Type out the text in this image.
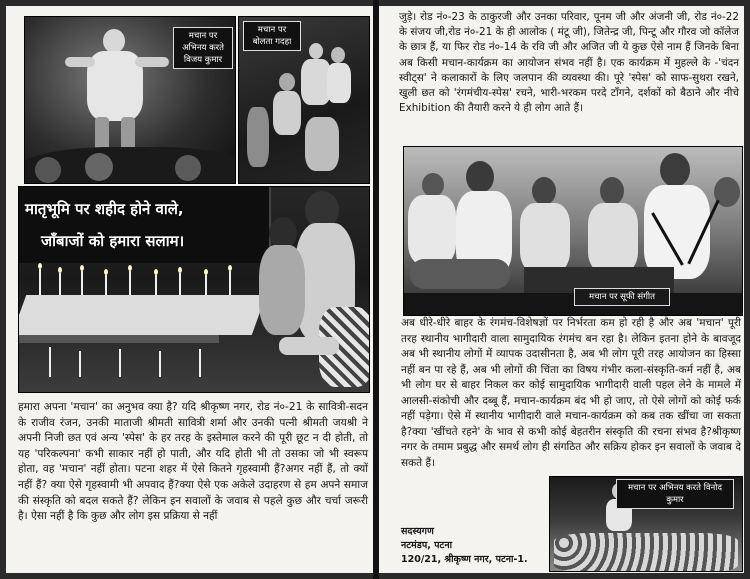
मचान पर अभिनय करते विजय कुमार
मचान पर बोलता गदहा
मातृभूमि पर शहीद होने वाले,
जाँबाजों को हमारा सलाम।
हमारा अपना 'मचान' का अनुभव क्या है? यदि श्रीकृष्ण नगर, रोड नं०-21 के सावित्री-सदन के राजीव रंजन, उनकी माताजी श्रीमती सावित्री शर्मा और उनकी पत्नी श्रीमती जयश्री ने अपनी निजी छत एवं अन्य 'स्पेस' के हर तरह के इस्तेमाल करने की पूरी छूट न दी होती, तो यह 'परिकल्पना' कभी साकार नहीं हो पाती, और यदि होती भी तो उसका जो भी स्वरूप होता, वह 'मचान' नहीं होता। पटना शहर में ऐसे कितने गृहस्वामी हैं?अगर नहीं हैं, तो क्यों नहीं हैं? क्या ऐसे गृहस्वामी भी अपवाद हैं?क्या ऐसे एक अकेले उदाहरण से हम अपने समाज की संस्कृति को बदल सकते हैं? लेकिन इन सवालों के जवाब से पहले कुछ और चर्चा जरूरी है। ऐसा नहीं है कि कुछ और लोग इस प्रक्रिया से नहीं
जुड़े। रोड नं०-23 के ठाकुरजी और उनका परिवार, पूनम जी और अंजनी जी, रोड नं०-22 के संजय जी,रोड नं०-21 के ही आलोक ( मंटू जी), जितेन्द्र जी, पिन्टू और गौरव जो कॉलेज के छात्र हैं, या फिर रोड नं०-14 के रवि जी और अजित जी ये कुछ ऐसे नाम हैं जिनके बिना अब किसी मचान-कार्यक्रम का आयोजन संभव नहीं है। एक कार्यक्रम में मुहल्ले के -'चंदन स्वीट्स' ने कलाकारों के लिए जलपान की व्यवस्था की। पूरे 'स्पेस' को साफ-सुथरा रखने, खुली छत को 'रंगमंचीय-स्पेस' रचने, भारी-भरकम परदे टाँगने, दर्शकों को बैठाने और नीचे Exhibition की तैयारी करने ये ही लोग आते हैं।
मचान पर सूफी संगीत
अब धीरे-धीरे बाहर के रंगमंच-विशेषज्ञों पर निर्भरता कम हो रही है और अब 'मचान' पूरी तरह स्थानीय भागीदारी वाला सामुदायिक रंगमंच बन रहा है। लेकिन इतना होने के बावजूद अब भी स्थानीय लोगों में व्यापक उदासीनता है, अब भी लोग पूरी तरह आयोजन का हिस्सा नहीं बन पा रहे हैं, अब भी लोगों की चिंता का विषय गंभीर कला-संस्कृति-कर्म नहीं है, अब भी लोग घर से बाहर निकल कर कोई सामुदायिक भागीदारी वाली पहल लेने के मामले में आलसी-संकोची और दब्बू हैं, मचान-कार्यक्रम बंद भी हो जाए, तो ऐसे लोगों को कोई फर्क नहीं पड़ेगा। ऐसे में स्थानीय भागीदारी वाले मचान-कार्यक्रम को कब तक खींचा जा सकता है?क्या 'खींचते रहने' के भाव से कभी कोई बेहतरीन संस्कृति की रचना संभव है?श्रीकृष्ण नगर के तमाम प्रबुद्ध और समर्थ लोग ही संगठित और सक्रिय होकर इन सवालों के जवाब दे सकते हैं।
सदस्यगण
नटमंडप, पटना
120/21, श्रीकृष्ण नगर, पटना-1.
मचान पर अभिनय करते विनोद कुमार
